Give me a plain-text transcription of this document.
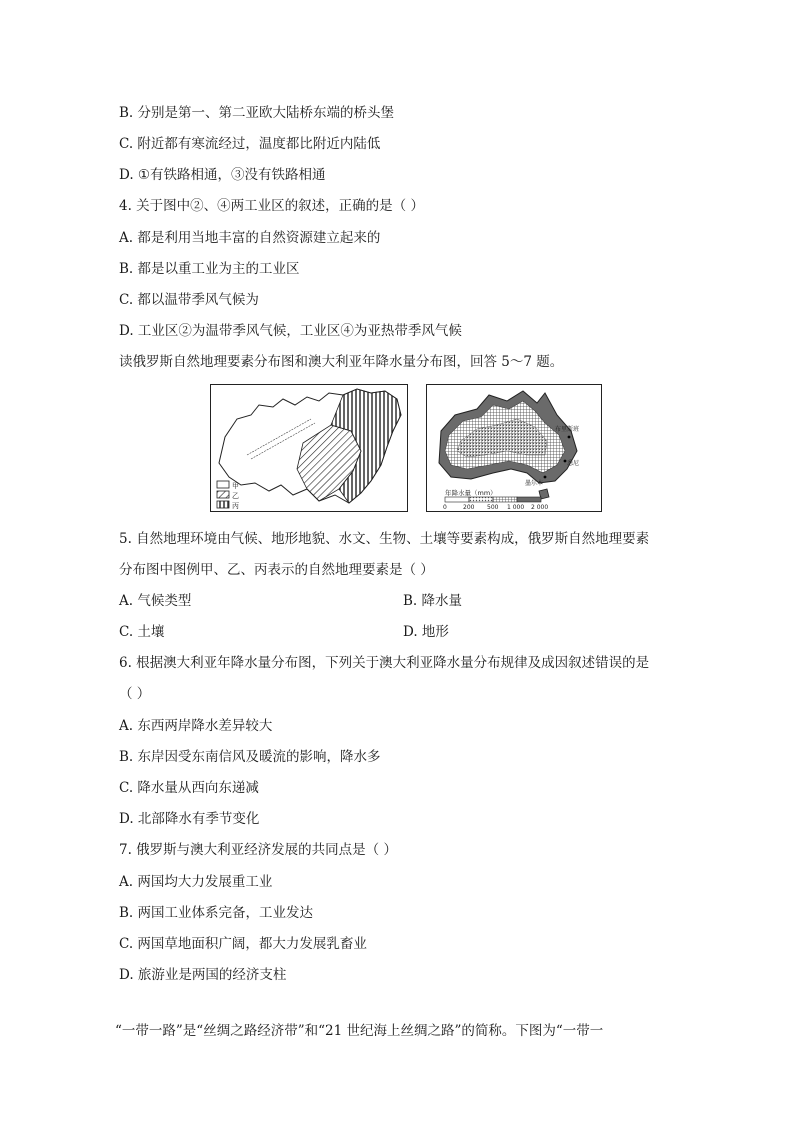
B. 分别是第一、第二亚欧大陆桥东端的桥头堡
C. 附近都有寒流经过，温度都比附近内陆低
D. ①有铁路相通，③没有铁路相通
4. 关于图中②、④两工业区的叙述，正确的是（ ）
A. 都是利用当地丰富的自然资源建立起来的
B. 都是以重工业为主的工业区
C. 都以温带季风气候为
D. 工业区②为温带季风气候，工业区④为亚热带季风气候
读俄罗斯自然地理要素分布图和澳大利亚年降水量分布图，回答 5～7 题。
甲
乙
丙
布里斯班
悉尼
墨尔本
年降水量（mm）
0	200 500 1 000 2 000
5. 自然地理环境由气候、地形地貌、水文、生物、土壤等要素构成，俄罗斯自然地理要素
分布图中图例甲、乙、丙表示的自然地理要素是（ ）
A. 气候类型	B. 降水量
C. 土壤	D. 地形
6. 根据澳大利亚年降水量分布图，下列关于澳大利亚降水量分布规律及成因叙述错误的是
（ ）
A. 东西两岸降水差异较大
B. 东岸因受东南信风及暖流的影响，降水多
C. 降水量从西向东递减
D. 北部降水有季节变化
7. 俄罗斯与澳大利亚经济发展的共同点是（ ）
A. 两国均大力发展重工业
B. 两国工业体系完备，工业发达
C. 两国草地面积广阔，都大力发展乳畜业
D. 旅游业是两国的经济支柱
“一带一路”是“丝绸之路经济带”和“21 世纪海上丝绸之路”的简称。下图为“一带一
